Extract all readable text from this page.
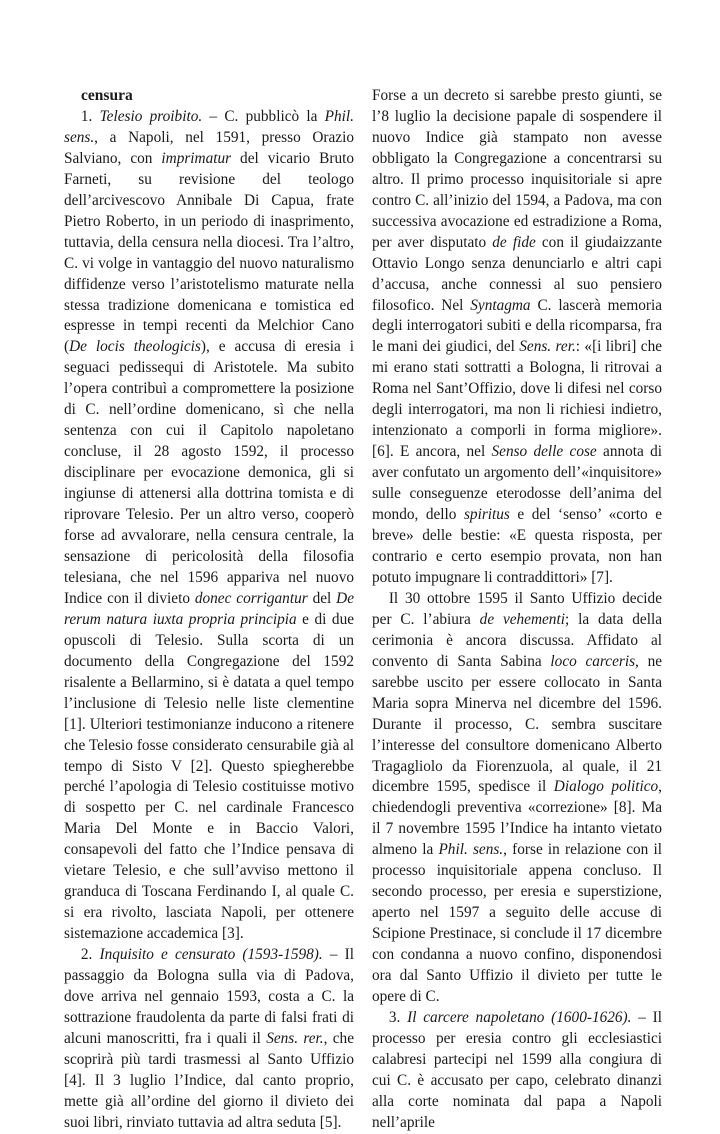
censura

1. Telesio proibito. – C. pubblicò la Phil. sens., a Napoli, nel 1591, presso Orazio Salviano, con imprimatur del vicario Bruto Farneti, su revisione del teologo dell’arcivescovo Annibale Di Capua, frate Pietro Roberto, in un periodo di inasprimento, tuttavia, della censura nella diocesi. Tra l’altro, C. vi volge in vantaggio del nuovo naturalismo diffidenze verso l’aristotelismo maturate nella stessa tradizione domenicana e tomistica ed espresse in tempi recenti da Melchior Cano (De locis theologicis), e accusa di eresia i seguaci pedissequi di Aristotele. Ma subito l’opera contribuì a compromettere la posizione di C. nell’ordine domenicano, sì che nella sentenza con cui il Capitolo napoletano concluse, il 28 agosto 1592, il processo disciplinare per evocazione demonica, gli si ingiunse di attenersi alla dottrina tomista e di riprovare Telesio. Per un altro verso, cooperò forse ad avvalorare, nella censura centrale, la sensazione di pericolosità della filosofia telesiana, che nel 1596 appariva nel nuovo Indice con il divieto donec corrigantur del De rerum natura iuxta propria principia e di due opuscoli di Telesio. Sulla scorta di un documento della Congregazione del 1592 risalente a Bellarmino, si è datata a quel tempo l’inclusione di Telesio nelle liste clementine [1]. Ulteriori testimonianze inducono a ritenere che Telesio fosse considerato censurabile già al tempo di Sisto V [2]. Questo spiegherebbe perché l’apologia di Telesio costituisse motivo di sospetto per C. nel cardinale Francesco Maria Del Monte e in Baccio Valori, consapevoli del fatto che l’Indice pensava di vietare Telesio, e che sull’avviso mettono il granduca di Toscana Ferdinando I, al quale C. si era rivolto, lasciata Napoli, per ottenere sistemazione accademica [3].

2. Inquisito e censurato (1593-1598). – Il passaggio da Bologna sulla via di Padova, dove arriva nel gennaio 1593, costa a C. la sottrazione fraudolenta da parte di falsi frati di alcuni manoscritti, fra i quali il Sens. rer., che scoprirà più tardi trasmessi al Santo Uffizio [4]. Il 3 luglio l’Indice, dal canto proprio, mette già all’ordine del giorno il divieto dei suoi libri, rinviato tuttavia ad altra seduta [5].

Forse a un decreto si sarebbe presto giunti, se l’8 luglio la decisione papale di sospendere il nuovo Indice già stampato non avesse obbligato la Congregazione a concentrarsi su altro. Il primo processo inquisitoriale si apre contro C. all’inizio del 1594, a Padova, ma con successiva avocazione ed estradizione a Roma, per aver disputato de fide con il giudaizzante Ottavio Longo senza denunciarlo e altri capi d’accusa, anche connessi al suo pensiero filosofico. Nel Syntagma C. lascerà memoria degli interrogatori subiti e della ricomparsa, fra le mani dei giudici, del Sens. rer.: «[i libri] che mi erano stati sottratti a Bologna, li ritrovai a Roma nel Sant’Offizio, dove li difesi nel corso degli interrogatori, ma non li richiesi indietro, intenzionato a comporli in forma migliore». [6]. E ancora, nel Senso delle cose annota di aver confutato un argomento dell’«inquisitore» sulle conseguenze eterodosse dell’anima del mondo, dello spiritus e del ‘senso’ «corto e breve» delle bestie: «E questa risposta, per contrario e certo esempio provata, non han potuto impugnare li contraddittori» [7].

Il 30 ottobre 1595 il Santo Uffizio decide per C. l’abiura de vehementi; la data della cerimonia è ancora discussa. Affidato al convento di Santa Sabina loco carceris, ne sarebbe uscito per essere collocato in Santa Maria sopra Minerva nel dicembre del 1596. Durante il processo, C. sembra suscitare l’interesse del consultore domenicano Alberto Tragagliolo da Fiorenzuola, al quale, il 21 dicembre 1595, spedisce il Dialogo politico, chiedendogli preventiva «correzione» [8]. Ma il 7 novembre 1595 l’Indice ha intanto vietato almeno la Phil. sens., forse in relazione con il processo inquisitoriale appena concluso. Il secondo processo, per eresia e superstizione, aperto nel 1597 a seguito delle accuse di Scipione Prestinace, si conclude il 17 dicembre con condanna a nuovo confino, disponendosi ora dal Santo Uffizio il divieto per tutte le opere di C.

3. Il carcere napoletano (1600-1626). – Il processo per eresia contro gli ecclesiastici calabresi partecipi nel 1599 alla congiura di cui C. è accusato per capo, celebrato dinanzi alla corte nominata dal papa a Napoli nell’aprile
